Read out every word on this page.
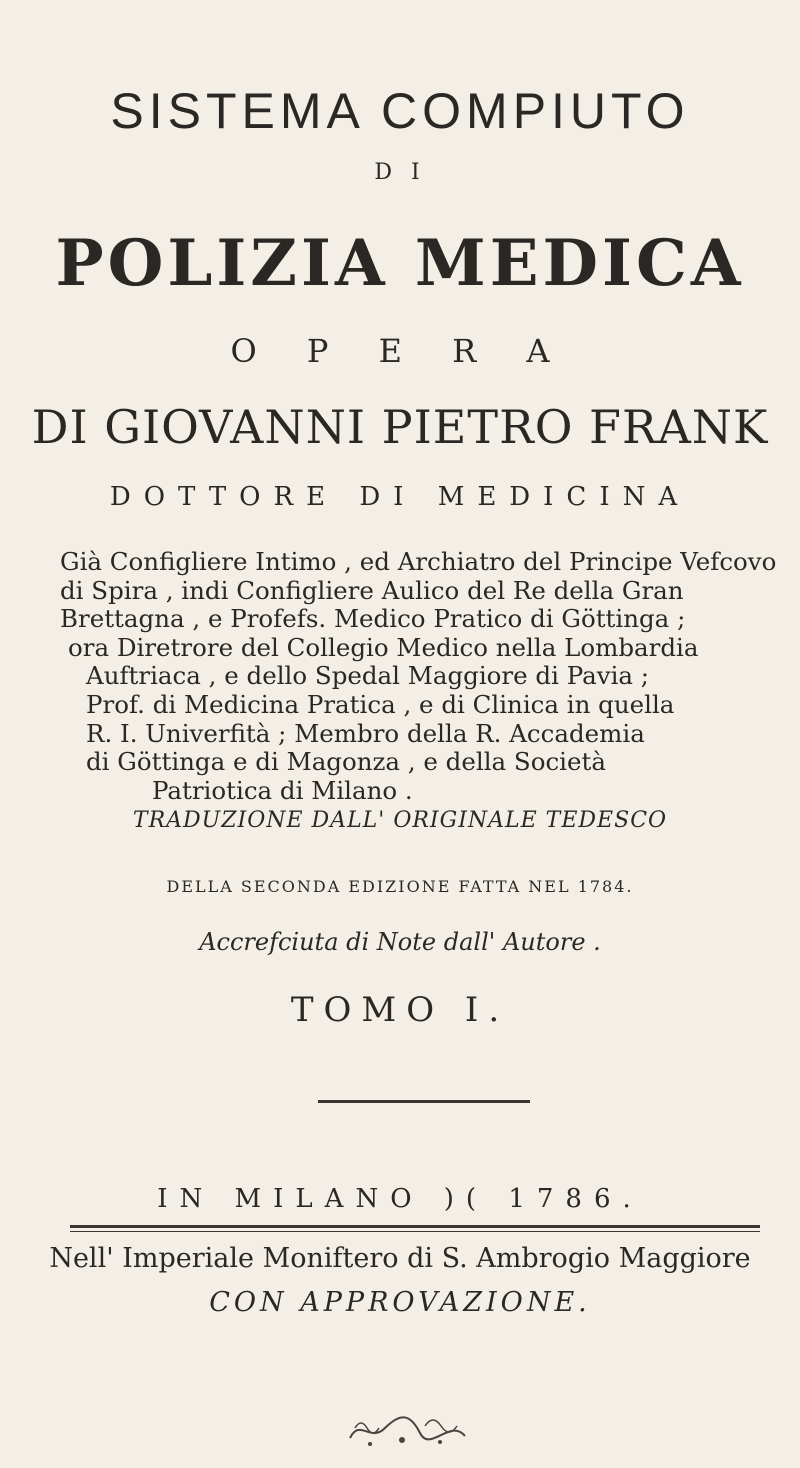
SISTEMA COMPIUTO
D I
POLIZIA MEDICA
O P E R A
DI GIOVANNI PIETRO FRANK
DOTTORE DI MEDICINA
Già Configliere Intimo , ed Archiatro del Principe Vefcovo
di Spira , indi Configliere Aulico del Re della Gran
Brettagna , e Profefs. Medico Pratico di Göttinga ;
ora Diretrore del Collegio Medico nella Lombardia
Auftriaca , e dello Spedal Maggiore di Pavia ;
Prof. di Medicina Pratica , e di Clinica in quella
R. I. Univerfità ; Membro della R. Accademia
di Göttinga e di Magonza , e della Società
Patriotica di Milano .
TRADUZIONE DALL' ORIGINALE TEDESCO
DELLA SECONDA EDIZIONE FATTA NEL 1784.
Accrefciuta di Note dall' Autore .
TOMO I.
IN MILANO )( 1786.
Nell' Imperiale Moniftero di S. Ambrogio Maggiore
CON APPROVAZIONE.
